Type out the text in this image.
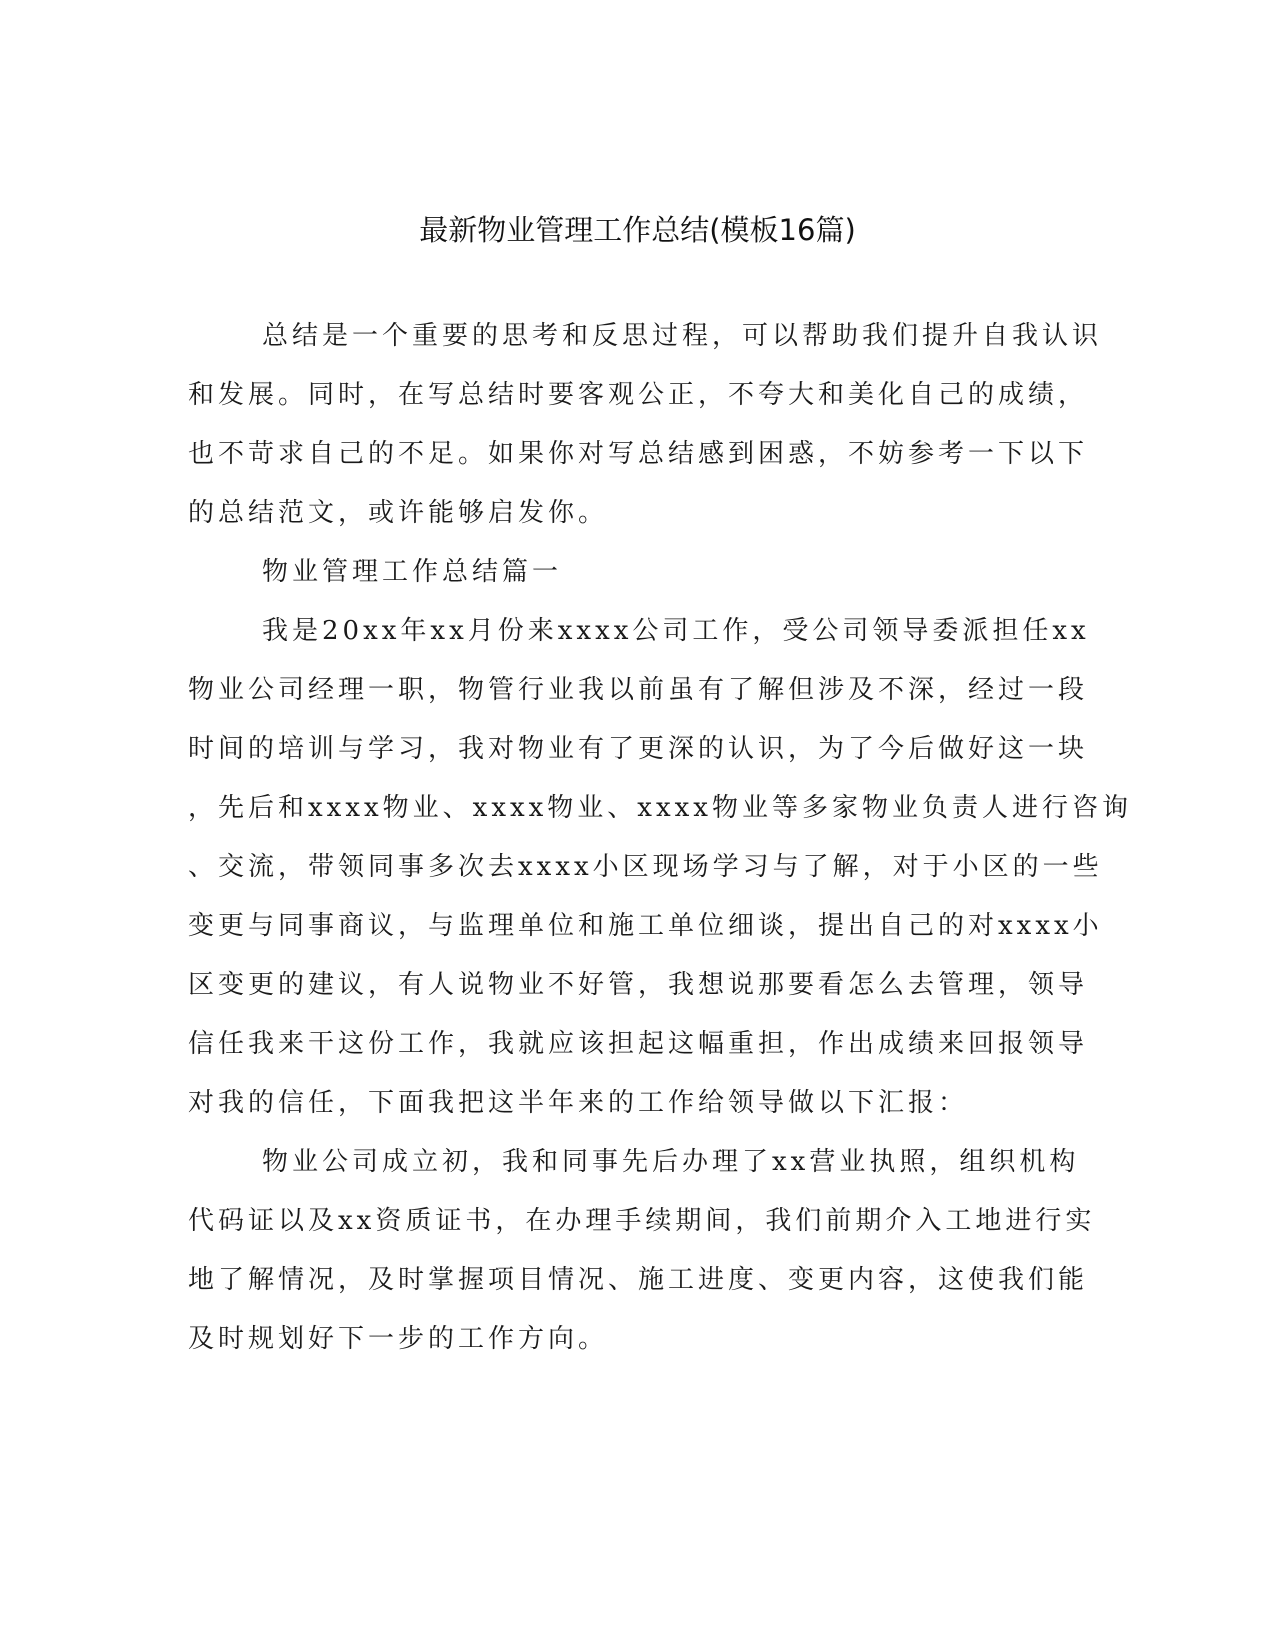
最新物业管理工作总结(模板16篇)
总结是一个重要的思考和反思过程，可以帮助我们提升自我认识
和发展。同时，在写总结时要客观公正，不夸大和美化自己的成绩，
也不苛求自己的不足。如果你对写总结感到困惑，不妨参考一下以下
的总结范文，或许能够启发你。
物业管理工作总结篇一
我是20xx年xx月份来xxxx公司工作，受公司领导委派担任xx
物业公司经理一职，物管行业我以前虽有了解但涉及不深，经过一段
时间的培训与学习，我对物业有了更深的认识，为了今后做好这一块
，先后和xxxx物业、xxxx物业、xxxx物业等多家物业负责人进行咨询
、交流，带领同事多次去xxxx小区现场学习与了解，对于小区的一些
变更与同事商议，与监理单位和施工单位细谈，提出自己的对xxxx小
区变更的建议，有人说物业不好管，我想说那要看怎么去管理，领导
信任我来干这份工作，我就应该担起这幅重担，作出成绩来回报领导
对我的信任，下面我把这半年来的工作给领导做以下汇报：
物业公司成立初，我和同事先后办理了xx营业执照，组织机构
代码证以及xx资质证书，在办理手续期间，我们前期介入工地进行实
地了解情况，及时掌握项目情况、施工进度、变更内容，这使我们能
及时规划好下一步的工作方向。
